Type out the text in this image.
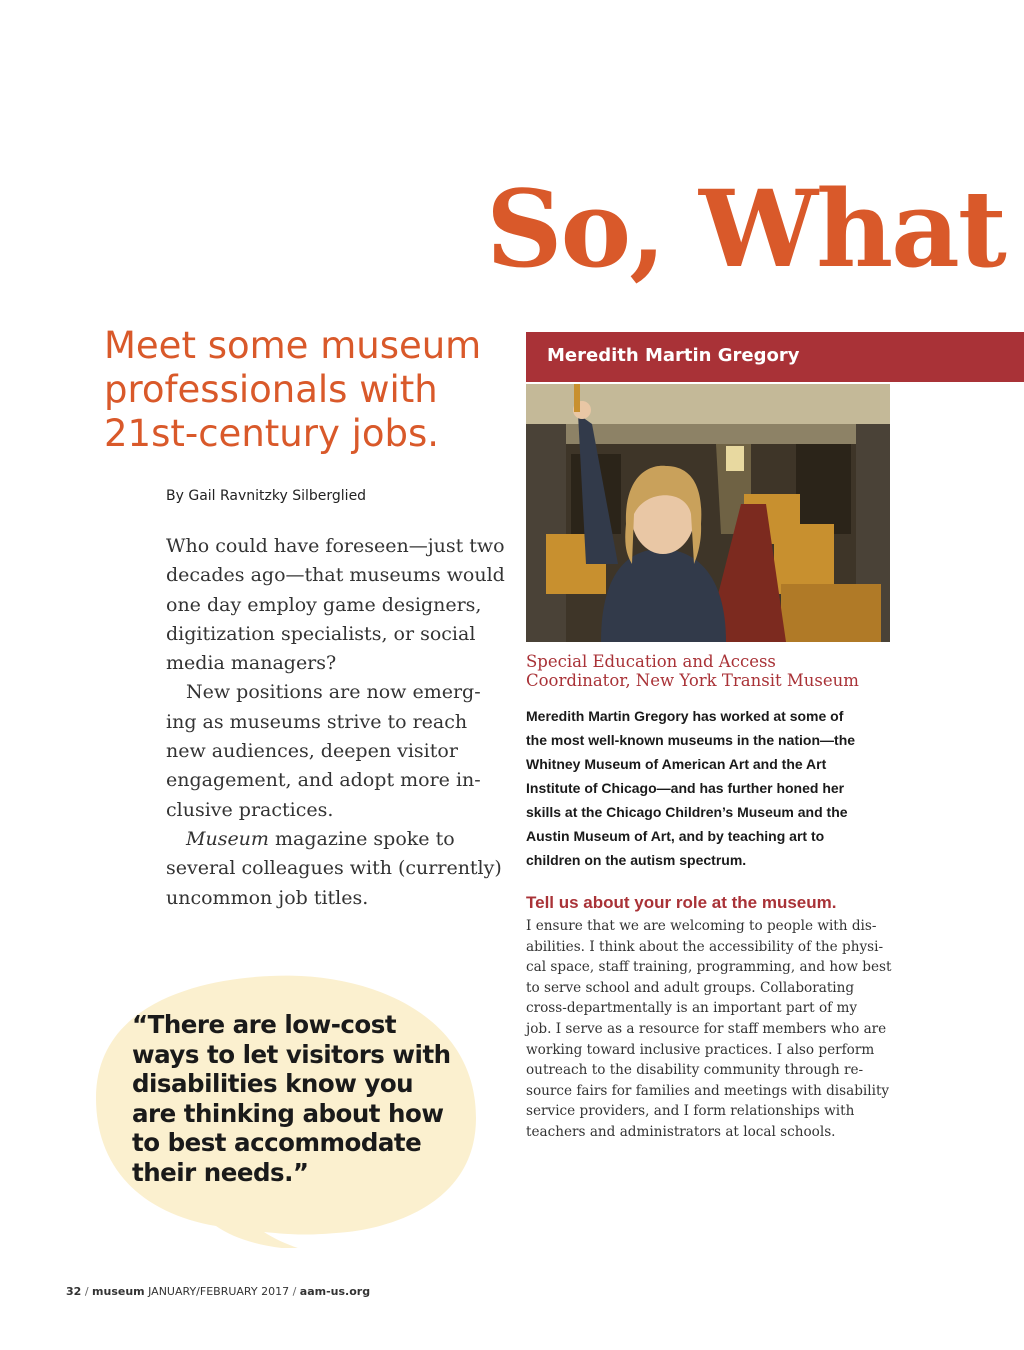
So, What
Meet some museum
professionals with
21st-century jobs.
By Gail Ravnitzky Silberglied
Who could have foreseen—just two
decades ago—that museums would
one day employ game designers,
digitization specialists, or social
media managers?
New positions are now emerg-
ing as museums strive to reach
new audiences, deepen visitor
engagement, and adopt more in-
clusive practices.
Museum magazine spoke to
several colleagues with (currently)
uncommon job titles.
“There are low-cost
ways to let visitors with
disabilities know you
are thinking about how
to best accommodate
their needs.”
Meredith Martin Gregory
Special Education and Access
Coordinator, New York Transit Museum
Meredith Martin Gregory has worked at some of
the most well-known museums in the nation—the
Whitney Museum of American Art and the Art
Institute of Chicago—and has further honed her
skills at the Chicago Children’s Museum and the
Austin Museum of Art, and by teaching art to
children on the autism spectrum.
Tell us about your role at the museum.
I ensure that we are welcoming to people with dis-
abilities. I think about the accessibility of the physi-
cal space, staff training, programming, and how best
to serve school and adult groups. Collaborating
cross-departmentally is an important part of my
job. I serve as a resource for staff members who are
working toward inclusive practices. I also perform
outreach to the disability community through re-
source fairs for families and meetings with disability
service providers, and I form relationships with
teachers and administrators at local schools.
32 / museum JANUARY/FEBRUARY 2017 / aam-us.org
